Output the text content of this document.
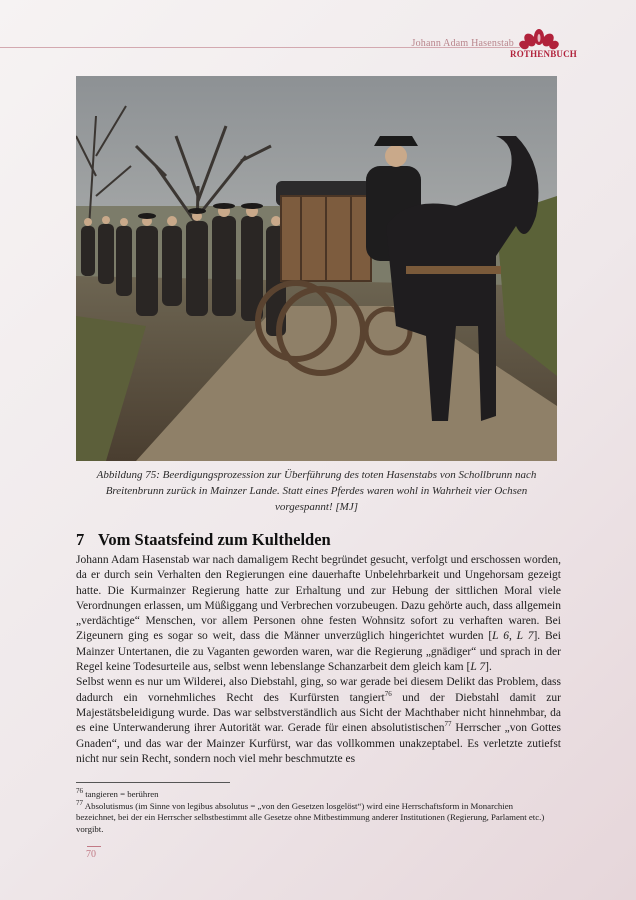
Johann Adam Hasenstab
ROTHENBUCH
Abbildung 75: Beerdigungsprozession zur Überführung des toten Hasenstabs von Schollbrunn nach Breitenbrunn zurück in Mainzer Lande. Statt eines Pferdes waren wohl in Wahrheit vier Ochsen vorgespannt! [MJ]
7 Vom Staatsfeind zum Kulthelden

Johann Adam Hasenstab war nach damaligem Recht begründet gesucht, verfolgt und erschossen worden, da er durch sein Verhalten den Regierungen eine dauerhafte Unbelehrbarkeit und Ungehorsam gezeigt hatte. Die Kurmainzer Regierung hatte zur Erhaltung und zur Hebung der sittlichen Moral viele Verordnungen erlassen, um Müßiggang und Verbrechen vorzubeugen. Dazu gehörte auch, dass allgemein „verdächtige“ Menschen, vor allem Personen ohne festen Wohnsitz sofort zu verhaften waren. Bei Zigeunern ging es sogar so weit, dass die Männer unverzüglich hingerichtet wurden [L 6, L 7]. Bei Mainzer Untertanen, die zu Vaganten geworden waren, war die Regierung „gnädiger“ und sprach in der Regel keine Todesurteile aus, selbst wenn lebenslange Schanzarbeit dem gleich kam [L 7].

Selbst wenn es nur um Wilderei, also Diebstahl, ging, so war gerade bei diesem Delikt das Problem, dass dadurch ein vornehmliches Recht des Kurfürsten tangiert$^{76}$ und der Diebstahl damit zur Majestätsbeleidigung wurde. Das war selbstverständlich aus Sicht der Machthaber nicht hinnehmbar, da es eine Unterwanderung ihrer Autorität war. Gerade für einen absolutistischen$^{77}$ Herrscher „von Gottes Gnaden“, und das war der Mainzer Kurfürst, war das vollkommen unakzeptabel. Es verletzte zutiefst nicht nur sein Recht, sondern noch viel mehr beschmutzte es

$^{76}$ tangieren = berühren

$^{77}$ Absolutismus (im Sinne von legibus absolutus = „von den Gesetzen losgelöst“) wird eine Herrschaftsform in Monarchien bezeichnet, bei der ein Herrscher selbstbestimmt alle Gesetze ohne Mitbestimmung anderer Institutionen (Regierung, Parlament etc.) vorgibt.

70
